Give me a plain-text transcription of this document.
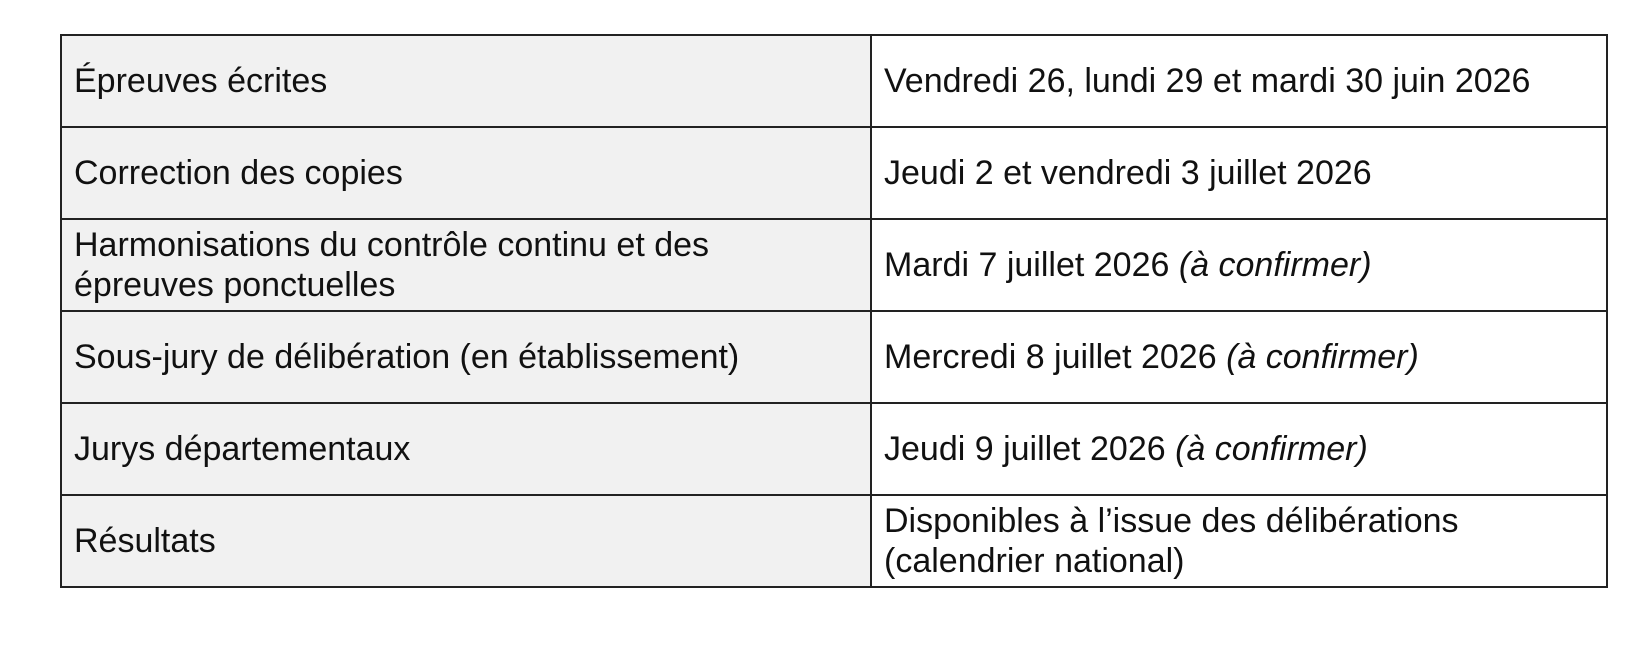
Épreuves écrites	Vendredi 26, lundi 29 et mardi 30 juin 2026
Correction des copies	Jeudi 2 et vendredi 3 juillet 2026
Harmonisations du contrôle continu et des épreuves ponctuelles	Mardi 7 juillet 2026 (à confirmer)
Sous-jury de délibération (en établissement)	Mercredi 8 juillet 2026 (à confirmer)
Jurys départementaux	Jeudi 9 juillet 2026 (à confirmer)
Résultats	Disponibles à l’issue des délibérations (calendrier national)
